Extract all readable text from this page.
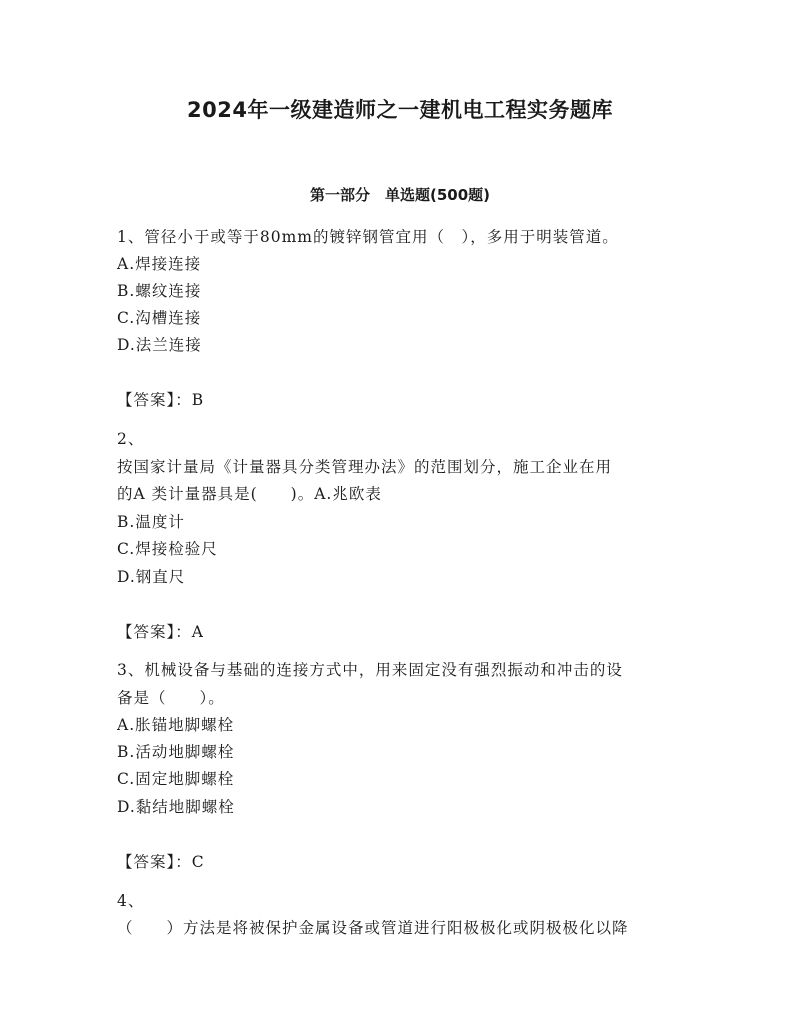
2024年一级建造师之一建机电工程实务题库
第一部分　单选题(500题)
1、管径小于或等于80mm的镀锌钢管宜用（　），多用于明装管道。
A.焊接连接
B.螺纹连接
C.沟槽连接
D.法兰连接
【答案】：B
2、
按国家计量局《计量器具分类管理办法》的范围划分，施工企业在用
的A 类计量器具是(　　)。A.兆欧表
B.温度计
C.焊接检验尺
D.钢直尺
【答案】：A
3、机械设备与基础的连接方式中，用来固定没有强烈振动和冲击的设
备是（　　）。
A.胀锚地脚螺栓
B.活动地脚螺栓
C.固定地脚螺栓
D.黏结地脚螺栓
【答案】：C
4、
（　　）方法是将被保护金属设备或管道进行阳极极化或阴极极化以降
